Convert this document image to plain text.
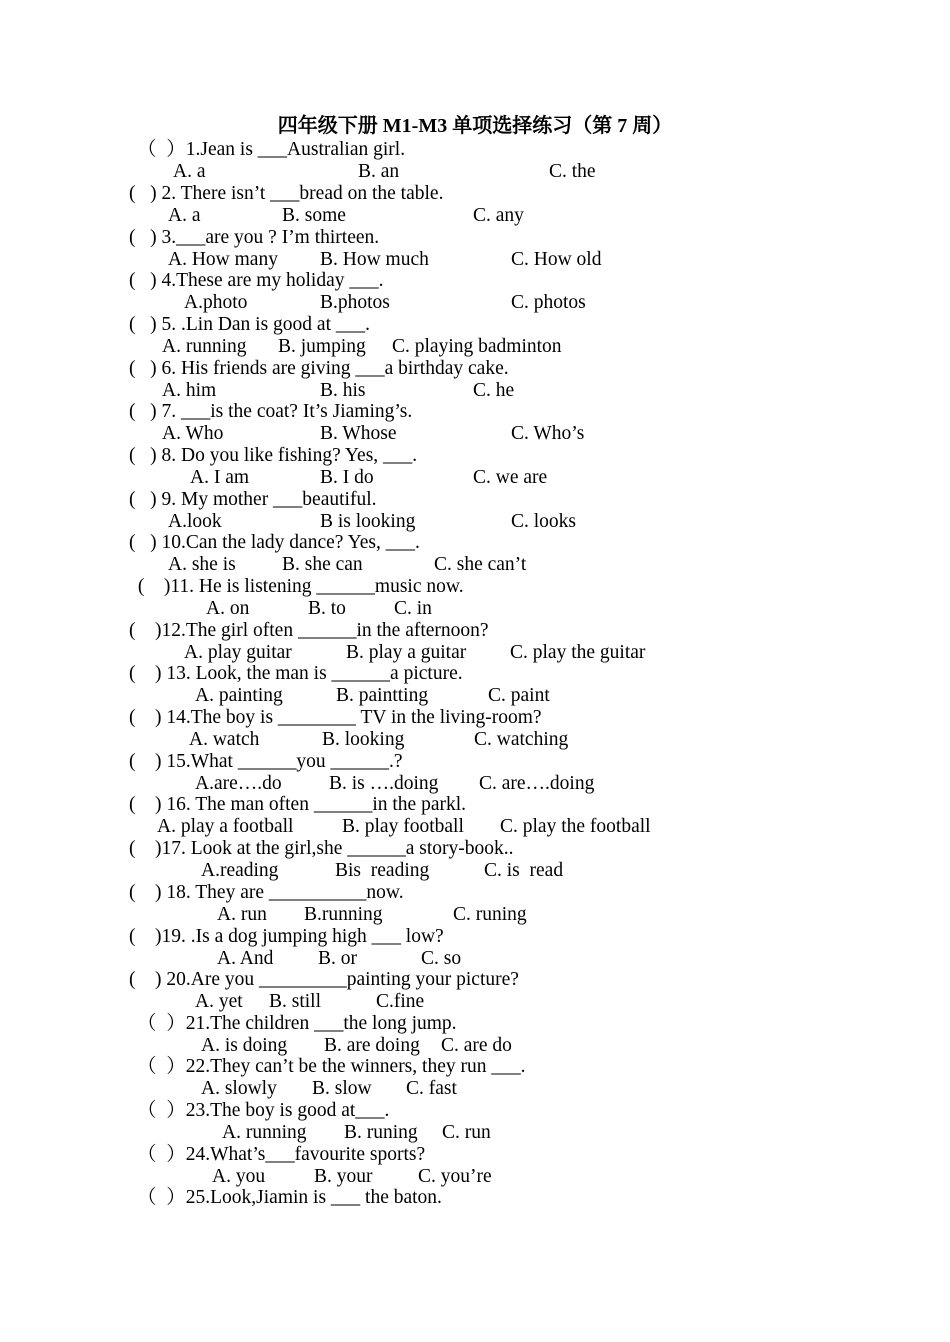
四年级下册 M1-M3 单项选择练习（第 7 周）
（  ）1.Jean is ___Australian girl.
A. a	B. an	C. the
(   ) 2. There isn’t ___bread on the table.
A. a	B. some	C. any
(   ) 3.___are you ? I’m thirteen.
A. How many B. How much	C. How old
(   ) 4.These are my holiday ___.
A.photo	B.photos	C. photos
(   ) 5. .Lin Dan is good at ___.
A. running B. jumping C. playing badminton
(   ) 6. His friends are giving ___a birthday cake.
A. him	B. his	C. he
(   ) 7. ___is the coat? It’s Jiaming’s.
A. Who	B. Whose	C. Who’s
(   ) 8. Do you like fishing? Yes, ___.
A. I am	B. I do	C. we are
(   ) 9. My mother ___beautiful.
A.look	B is looking	C. looks
(   ) 10.Can the lady dance? Yes, ___.
A. she is B. she can	C. she can’t
(    )11. He is listening ______music now.
A. on	B. to C. in
(    )12.The girl often ______in the afternoon?
A. play guitar	B. play a guitar C. play the guitar
(    ) 13. Look, the man is ______a picture.
A. painting	B. paintting	C. paint
(    ) 14.The boy is ________ TV in the living-room?
A. watch	B. looking	C. watching
(    ) 15.What ______you ______.?
A.are….do B. is ….doing C. are….doing
(    ) 16. The man often ______in the parkl.
A. play a football B. play football C. play the football
(    )17. Look at the girl,she ______a story-book..
A.reading	Bis  reading	C. is  read
(    ) 18. They are __________now.
A. run B.running	C. runing
(    )19. .Is a dog jumping high ___ low?
A. And B. or	C. so
(    ) 20.Are you _________painting your picture?
A. yet B. still	C.fine
（  ）21.The children ___the long jump.
A. is doing B. are doing C. are do
（  ）22.They can’t be the winners, they run ___.
A. slowly B. slow C. fast
（  ）23.The boy is good at___.
A. running B. runing C. run
（  ）24.What’s___favourite sports?
A. you	B. your C. you’re
（  ）25.Look,Jiamin is ___ the baton.
